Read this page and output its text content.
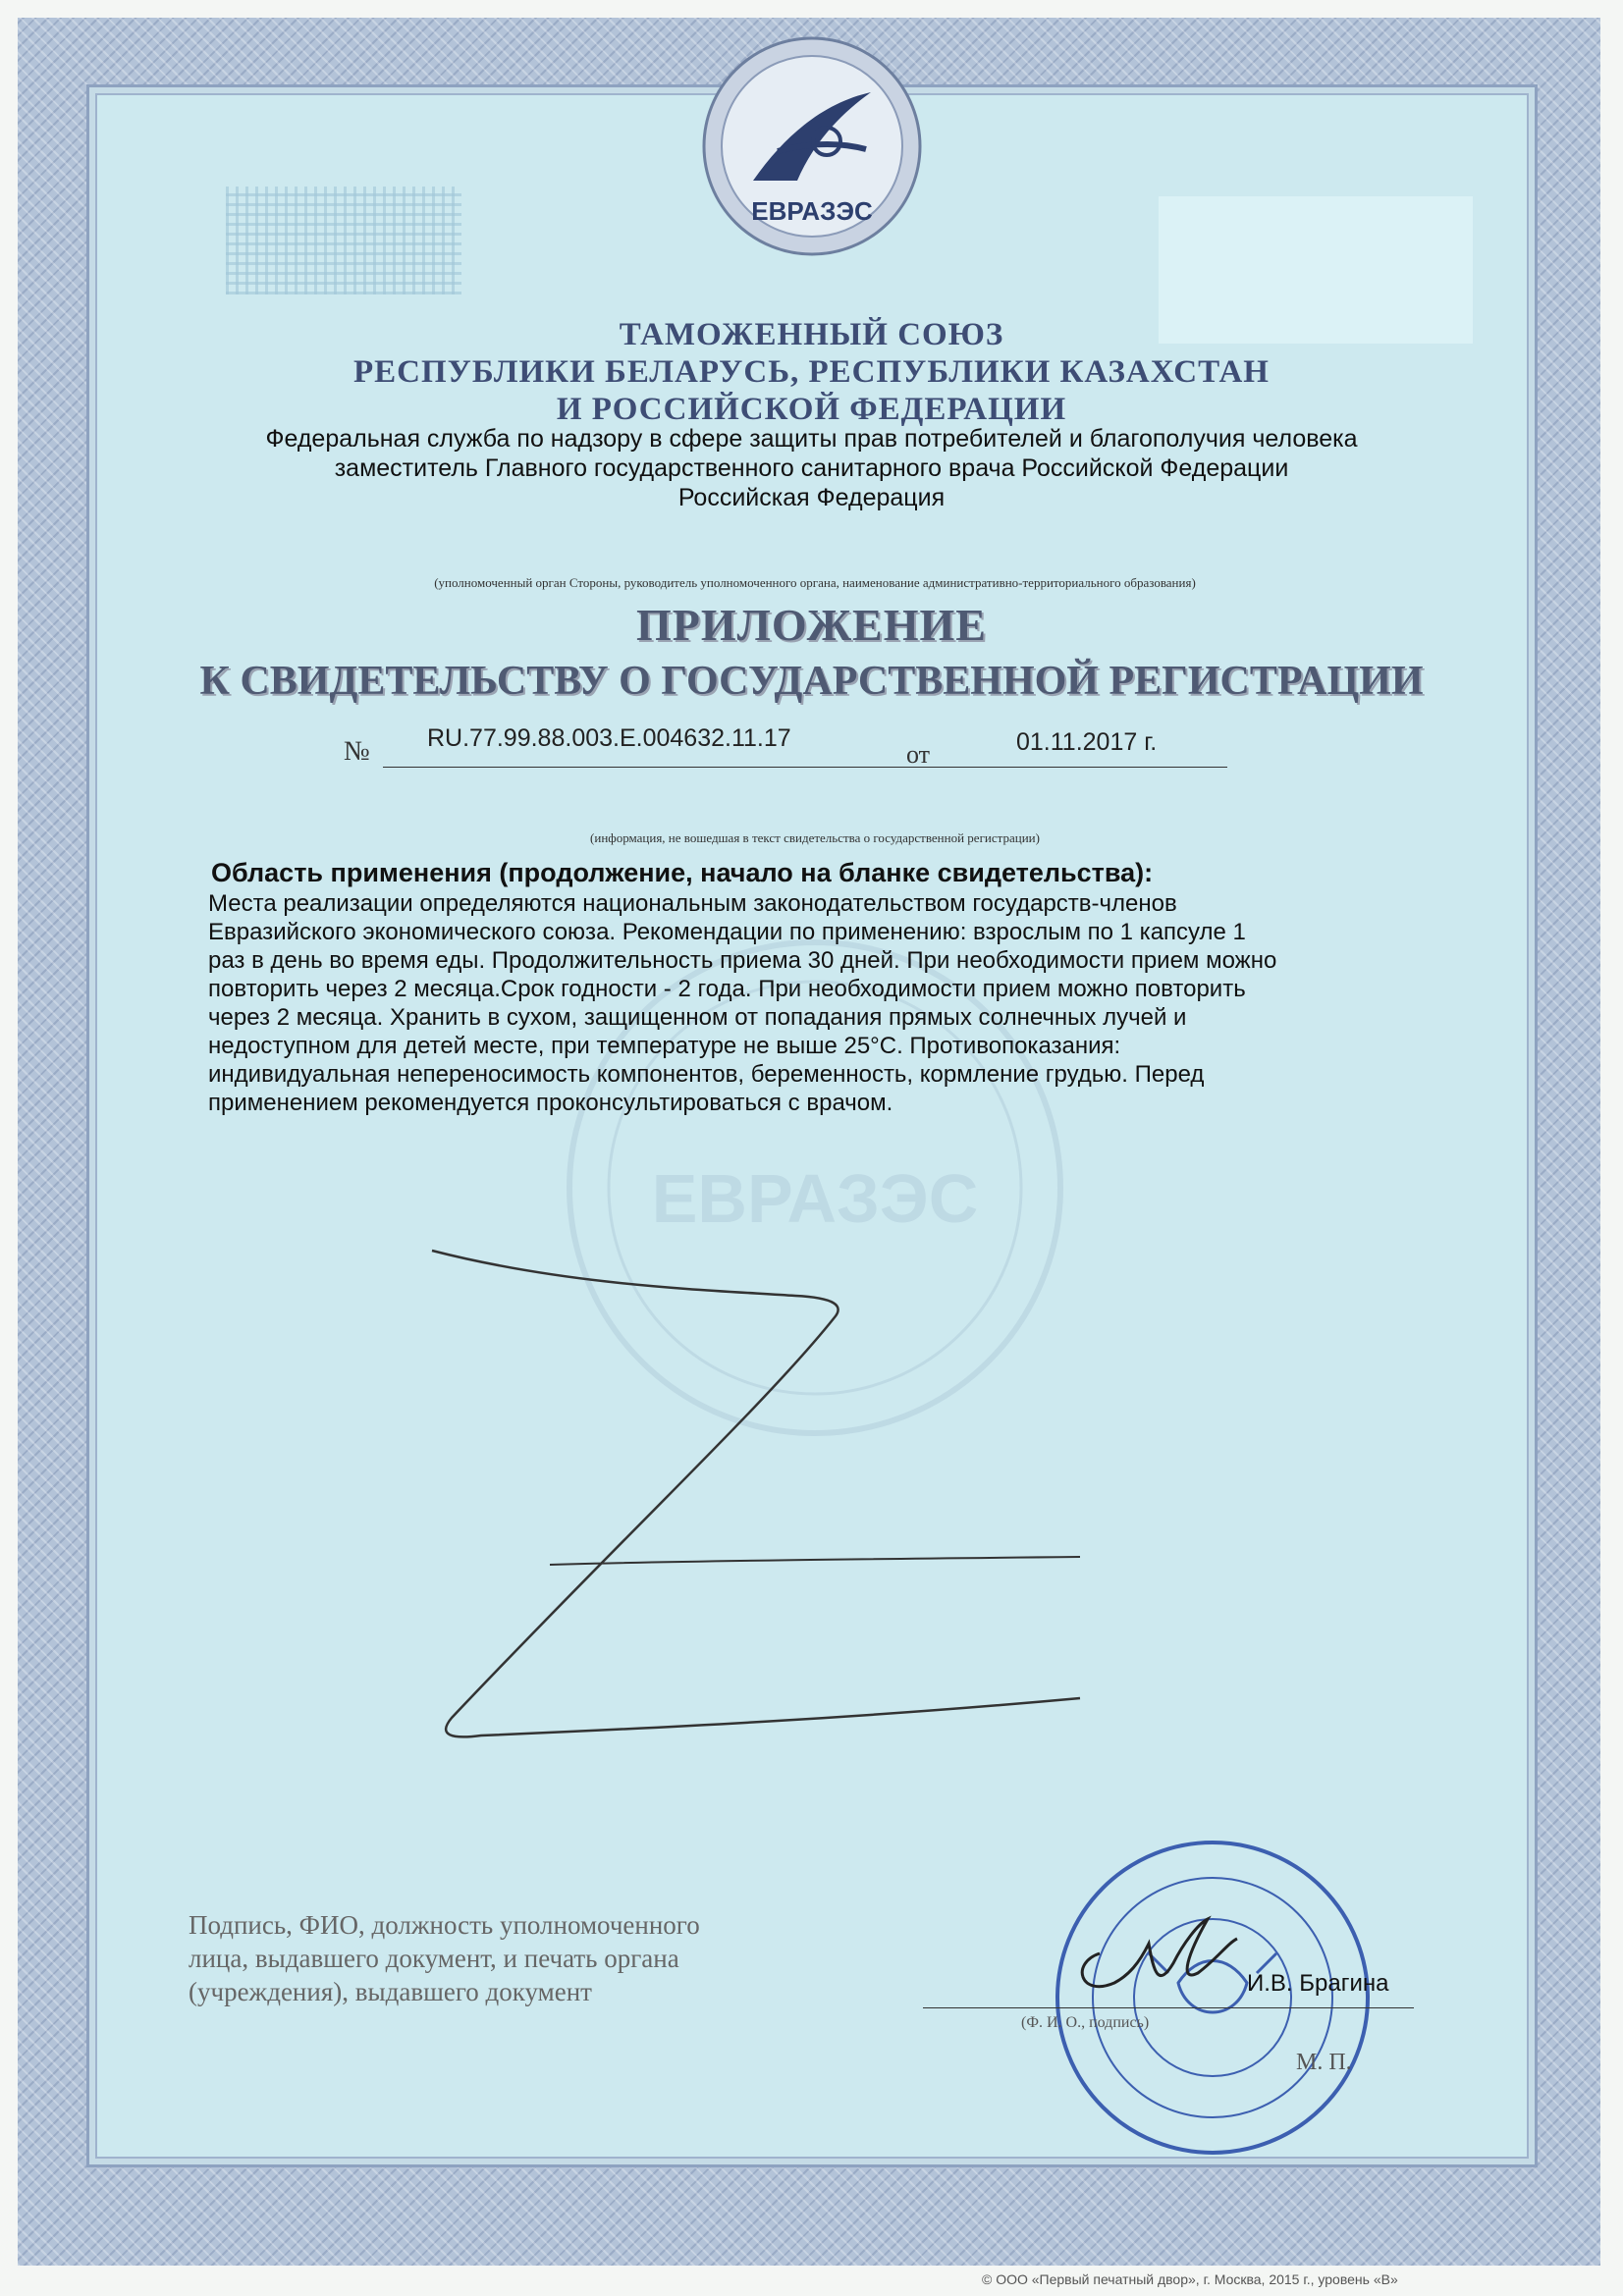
ЕВРАЗЭС
ЕВРАЗЭС
ТАМОЖЕННЫЙ СОЮЗ
РЕСПУБЛИКИ БЕЛАРУСЬ, РЕСПУБЛИКИ КАЗАХСТАН
И РОССИЙСКОЙ ФЕДЕРАЦИИ
Федеральная служба по надзору в сфере защиты прав потребителей и благополучия человека
заместитель Главного государственного санитарного врача Российской Федерации
Российская Федерация
(уполномоченный орган Стороны, руководитель уполномоченного органа, наименование административно-территориального образования)
ПРИЛОЖЕНИЕ
К СВИДЕТЕЛЬСТВУ О ГОСУДАРСТВЕННОЙ РЕГИСТРАЦИИ
№ RU.77.99.88.003.E.004632.11.17
от	01.11.2017 г.
(информация, не вошедшая в текст свидетельства о государственной регистрации)
Область применения (продолжение, начало на бланке свидетельства):
Места реализации определяются национальным законодательством государств-членов
Евразийского экономического союза. Рекомендации по применению: взрослым по 1 капсуле 1
раз в день во время еды. Продолжительность приема 30 дней. При необходимости прием можно
повторить через 2 месяца.Срок годности - 2 года. При необходимости прием можно повторить
через 2 месяца. Хранить в сухом, защищенном от попадания прямых солнечных лучей и
недоступном для детей месте, при температуре не выше 25°С. Противопоказания:
индивидуальная непереносимость компонентов, беременность, кормление грудью. Перед
применением рекомендуется проконсультироваться с врачом.
Подпись, ФИО, должность уполномоченного
лица, выдавшего документ, и печать органа
(учреждения), выдавшего документ	И.В. Брагина
(Ф. И. О., подпись)
М. П.
© ООО «Первый печатный двор», г. Москва, 2015 г., уровень «В»
